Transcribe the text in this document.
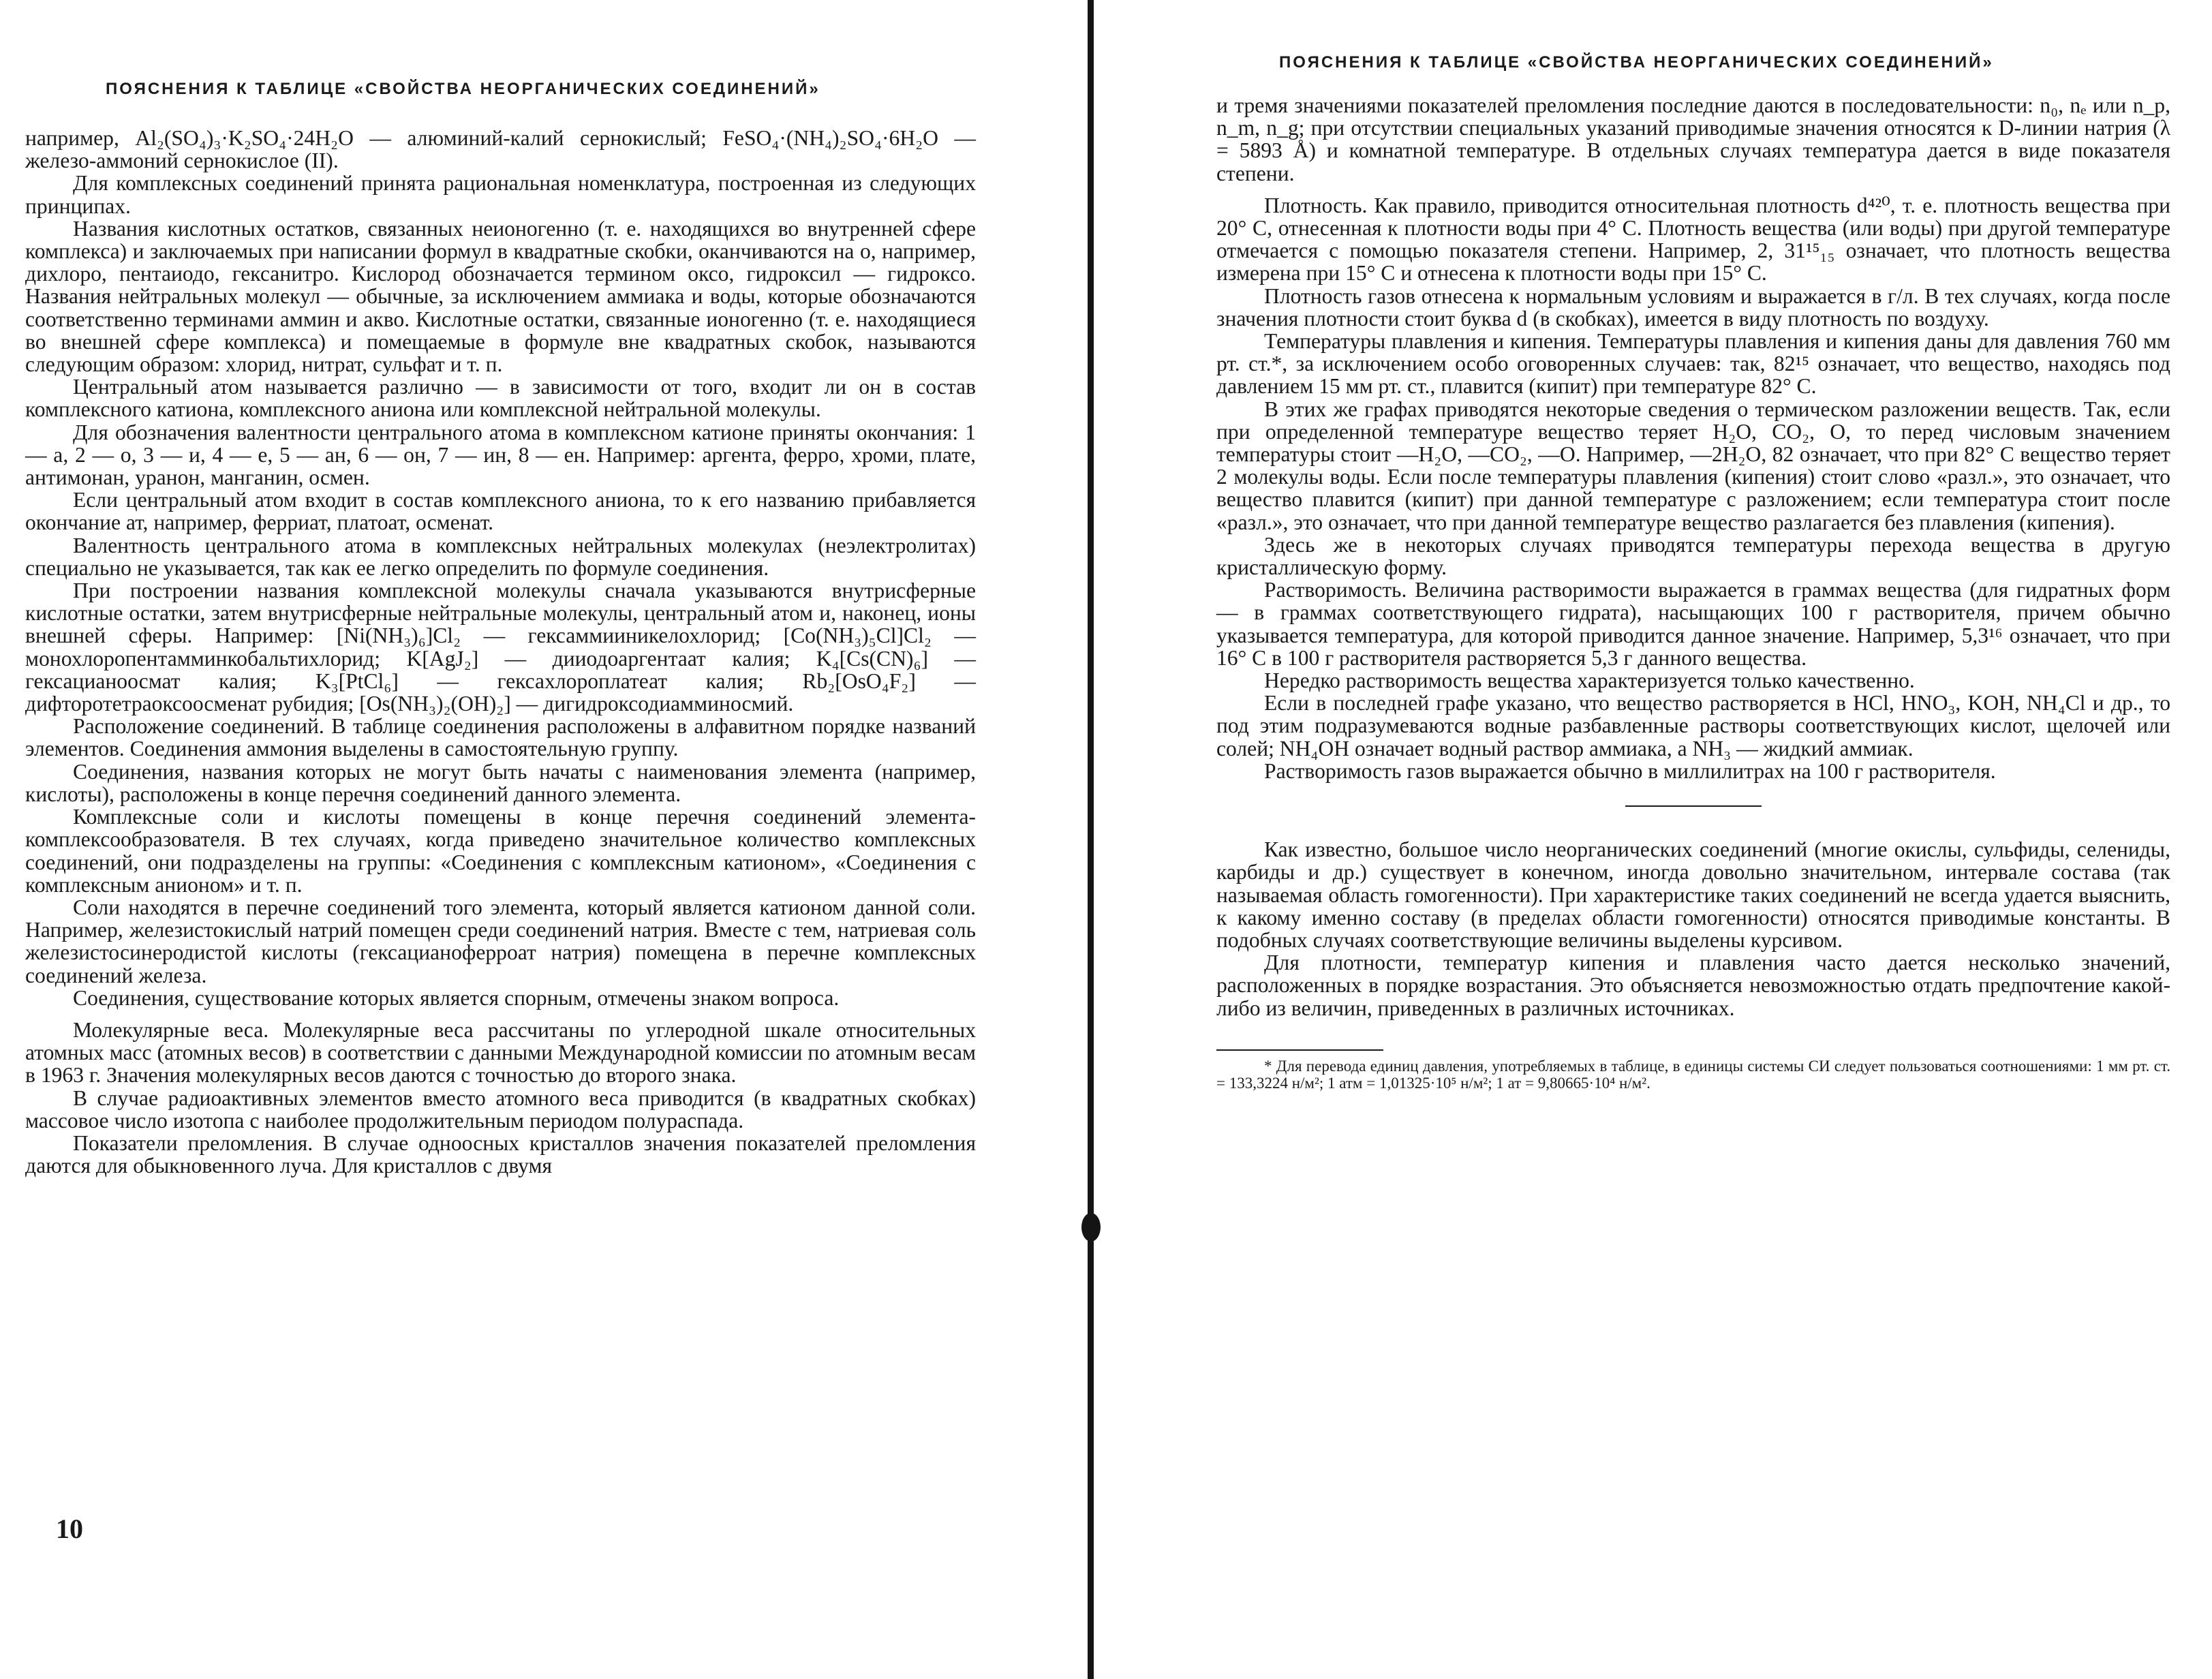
ПОЯСНЕНИЯ К ТАБЛИЦЕ «СВОЙСТВА НЕОРГАНИЧЕСКИХ СОЕДИНЕНИЙ»

например, Al₂(SO₄)₃·K₂SO₄·24H₂O — алюминий-калий сернокислый; FeSO₄·(NH₄)₂SO₄·6H₂O — железо-аммоний сернокислое (II).

Для комплексных соединений принята рациональная номенклатура, построенная из следующих принципах.

Названия кислотных остатков, связанных неионогенно (т. е. находящихся во внутренней сфере комплекса) и заключаемых при написании формул в квадратные скобки, оканчиваются на о, например, дихлоро, пентаиодо, гексанитро. Кислород обозначается термином оксо, гидроксил — гидроксо. Названия нейтральных молекул — обычные, за исключением аммиака и воды, которые обозначаются соответственно терминами аммин и акво. Кислотные остатки, связанные ионогенно (т. е. находящиеся во внешней сфере комплекса) и помещаемые в формуле вне квадратных скобок, называются следующим образом: хлорид, нитрат, сульфат и т. п.

Центральный атом называется различно — в зависимости от того, входит ли он в состав комплексного катиона, комплексного аниона или комплексной нейтральной молекулы.

Для обозначения валентности центрального атома в комплексном катионе приняты окончания: 1 — а, 2 — о, 3 — и, 4 — е, 5 — ан, 6 — он, 7 — ин, 8 — ен. Например: аргента, ферро, хроми, плате, антимонан, уранон, манганин, осмен.

Если центральный атом входит в состав комплексного аниона, то к его названию прибавляется окончание ат, например, ферриат, платоат, осменат.

Валентность центрального атома в комплексных нейтральных молекулах (неэлектролитах) специально не указывается, так как ее легко определить по формуле соединения.

При построении названия комплексной молекулы сначала указываются внутрисферные кислотные остатки, затем внутрисферные нейтральные молекулы, центральный атом и, наконец, ионы внешней сферы. Например: [Ni(NH₃)₆]Cl₂ — гексаммииникелохлорид; [Co(NH₃)₅Cl]Cl₂ — монохлоропентамминкобальтихлорид; K[AgJ₂] — дииодоаргентаат калия; K₄[Cs(CN)₆] — гексацианоосмат калия; K₃[PtCl₆] — гексахлороплатеат калия; Rb₂[OsO₄F₂] — дифторотетраоксоосменат рубидия; [Os(NH₃)₂(OH)₂] — дигидроксодиамминосмий.

Расположение соединений. В таблице соединения расположены в алфавитном порядке названий элементов. Соединения аммония выделены в самостоятельную группу.

Соединения, названия которых не могут быть начаты с наименования элемента (например, кислоты), расположены в конце перечня соединений данного элемента.

Комплексные соли и кислоты помещены в конце перечня соединений элемента-комплексообразователя. В тех случаях, когда приведено значительное количество комплексных соединений, они подразделены на группы: «Соединения с комплексным катионом», «Соединения с комплексным анионом» и т. п.

Соли находятся в перечне соединений того элемента, который является катионом данной соли. Например, железистокислый натрий помещен среди соединений натрия. Вместе с тем, натриевая соль железистосинеродистой кислоты (гексацианоферроат натрия) помещена в перечне комплексных соединений железа.

Соединения, существование которых является спорным, отмечены знаком вопроса.

Молекулярные веса. Молекулярные веса рассчитаны по углеродной шкале относительных атомных масс (атомных весов) в соответствии с данными Международной комиссии по атомным весам в 1963 г. Значения молекулярных весов даются с точностью до второго знака.

В случае радиоактивных элементов вместо атомного веса приводится (в квадратных скобках) массовое число изотопа с наиболее продолжительным периодом полураспада.

Показатели преломления. В случае одноосных кристаллов значения показателей преломления даются для обыкновенного луча. Для кристаллов с двумя

10
ПОЯСНЕНИЯ К ТАБЛИЦЕ «СВОЙСТВА НЕОРГАНИЧЕСКИХ СОЕДИНЕНИЙ»

и тремя значениями показателей преломления последние даются в последовательности: n₀, nₑ или n_p, n_m, n_g; при отсутствии специальных указаний приводимые значения относятся к D-линии натрия (λ = 5893 Å) и комнатной температуре. В отдельных случаях температура дается в виде показателя степени.

Плотность. Как правило, приводится относительная плотность d⁴²⁰, т. е. плотность вещества при 20° С, отнесенная к плотности воды при 4° С. Плотность вещества (или воды) при другой температуре отмечается с помощью показателя степени. Например, 2, 31¹⁵₁₅ означает, что плотность вещества измерена при 15° С и отнесена к плотности воды при 15° С.

Плотность газов отнесена к нормальным условиям и выражается в г/л. В тех случаях, когда после значения плотности стоит буква d (в скобках), имеется в виду плотность по воздуху.

Температуры плавления и кипения. Температуры плавления и кипения даны для давления 760 мм рт. ст.*, за исключением особо оговоренных случаев: так, 82¹⁵ означает, что вещество, находясь под давлением 15 мм рт. ст., плавится (кипит) при температуре 82° С.

В этих же графах приводятся некоторые сведения о термическом разложении веществ. Так, если при определенной температуре вещество теряет H₂O, CO₂, O, то перед числовым значением температуры стоит —H₂O, —CO₂, —O. Например, —2H₂O, 82 означает, что при 82° С вещество теряет 2 молекулы воды. Если после температуры плавления (кипения) стоит слово «разл.», это означает, что вещество плавится (кипит) при данной температуре с разложением; если температура стоит после «разл.», это означает, что при данной температуре вещество разлагается без плавления (кипения).

Здесь же в некоторых случаях приводятся температуры перехода вещества в другую кристаллическую форму.

Растворимость. Величина растворимости выражается в граммах вещества (для гидратных форм — в граммах соответствующего гидрата), насыщающих 100 г растворителя, причем обычно указывается температура, для которой приводится данное значение. Например, 5,3¹⁶ означает, что при 16° С в 100 г растворителя растворяется 5,3 г данного вещества.

Нередко растворимость вещества характеризуется только качественно.

Если в последней графе указано, что вещество растворяется в HCl, HNO₃, KOH, NH₄Cl и др., то под этим подразумеваются водные разбавленные растворы соответствующих кислот, щелочей или солей; NH₄OH означает водный раствор аммиака, а NH₃ — жидкий аммиак.

Растворимость газов выражается обычно в миллилитрах на 100 г растворителя.

Как известно, большое число неорганических соединений (многие окислы, сульфиды, селениды, карбиды и др.) существует в конечном, иногда довольно значительном, интервале состава (так называемая область гомогенности). При характеристике таких соединений не всегда удается выяснить, к какому именно составу (в пределах области гомогенности) относятся приводимые константы. В подобных случаях соответствующие величины выделены курсивом.

Для плотности, температур кипения и плавления часто дается несколько значений, расположенных в порядке возрастания. Это объясняется невозможностью отдать предпочтение какой-либо из величин, приведенных в различных источниках.

* Для перевода единиц давления, употребляемых в таблице, в единицы системы СИ следует пользоваться соотношениями: 1 мм рт. ст. = 133,3224 н/м²; 1 атм = 1,01325·10⁵ н/м²; 1 ат = 9,80665·10⁴ н/м².
